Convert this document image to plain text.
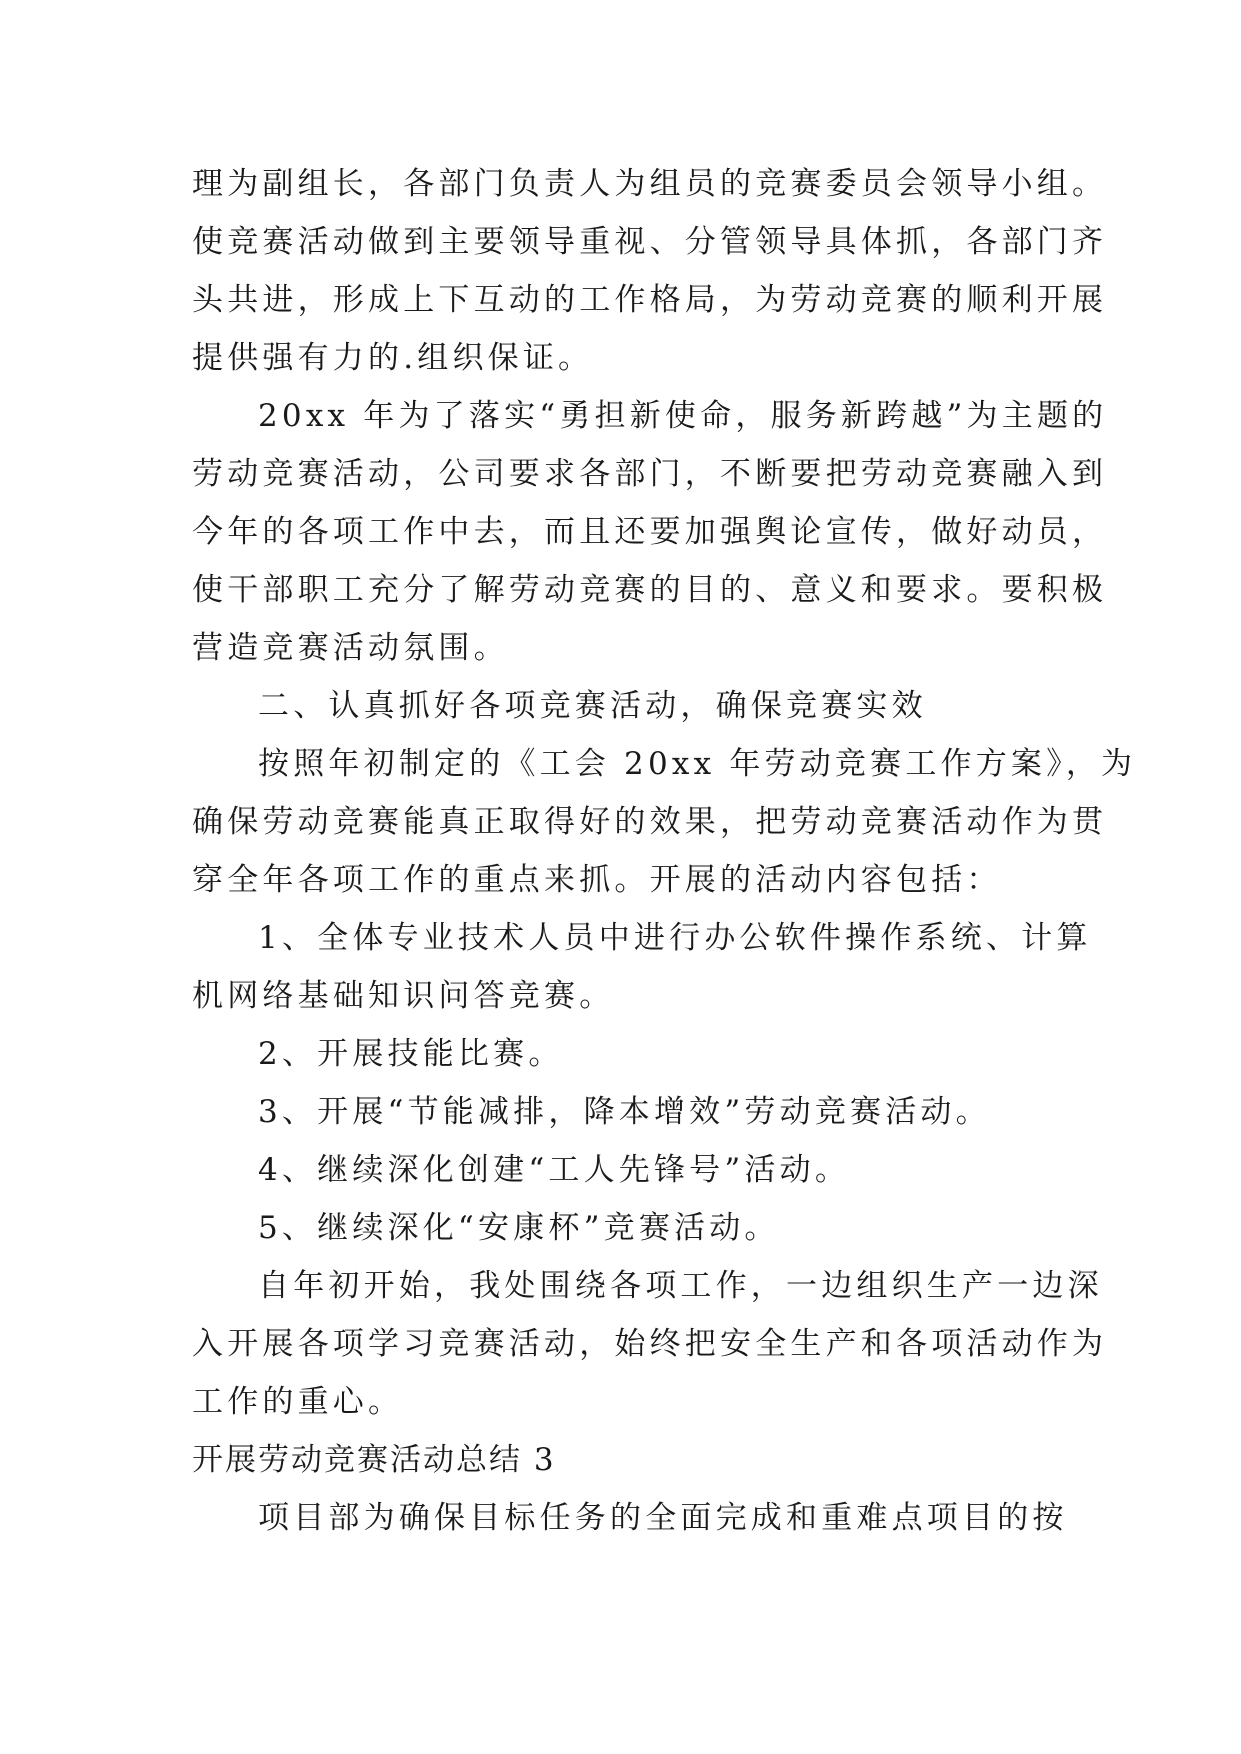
理为副组长，各部门负责人为组员的竞赛委员会领导小组。
使竞赛活动做到主要领导重视、分管领导具体抓，各部门齐
头共进，形成上下互动的工作格局，为劳动竞赛的顺利开展
提供强有力的.组织保证。
20xx 年为了落实“勇担新使命，服务新跨越”为主题的
劳动竞赛活动，公司要求各部门，不断要把劳动竞赛融入到
今年的各项工作中去，而且还要加强舆论宣传，做好动员，
使干部职工充分了解劳动竞赛的目的、意义和要求。要积极
营造竞赛活动氛围。
二、认真抓好各项竞赛活动，确保竞赛实效
按照年初制定的《工会 20xx 年劳动竞赛工作方案》，为
确保劳动竞赛能真正取得好的效果，把劳动竞赛活动作为贯
穿全年各项工作的重点来抓。开展的活动内容包括：
1、全体专业技术人员中进行办公软件操作系统、计算
机网络基础知识问答竞赛。
2、开展技能比赛。
3、开展“节能减排，降本增效”劳动竞赛活动。
4、继续深化创建“工人先锋号”活动。
5、继续深化“安康杯”竞赛活动。
自年初开始，我处围绕各项工作，一边组织生产一边深
入开展各项学习竞赛活动，始终把安全生产和各项活动作为
工作的重心。
开展劳动竞赛活动总结 3
项目部为确保目标任务的全面完成和重难点项目的按
